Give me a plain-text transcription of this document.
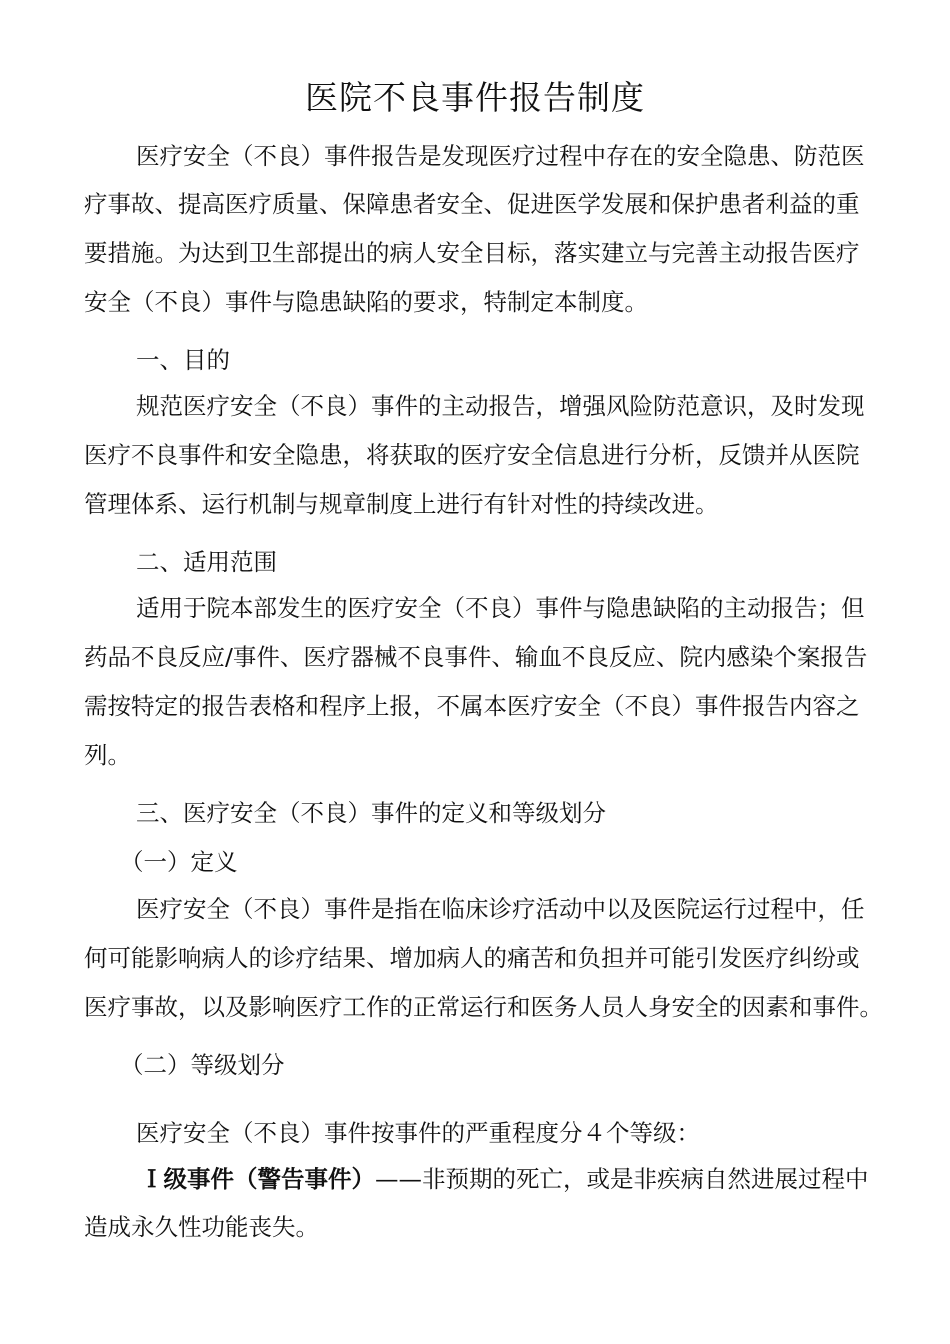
医院不良事件报告制度
医疗安全（不良）事件报告是发现医疗过程中存在的安全隐患、防范医
疗事故、提高医疗质量、保障患者安全、促进医学发展和保护患者利益的重
要措施。为达到卫生部提出的病人安全目标，落实建立与完善主动报告医疗
安全（不良）事件与隐患缺陷的要求，特制定本制度。
一、目的
规范医疗安全（不良）事件的主动报告，增强风险防范意识，及时发现
医疗不良事件和安全隐患，将获取的医疗安全信息进行分析，反馈并从医院
管理体系、运行机制与规章制度上进行有针对性的持续改进。
二、适用范围
适用于院本部发生的医疗安全（不良）事件与隐患缺陷的主动报告；但
药品不良反应/事件、医疗器械不良事件、输血不良反应、院内感染个案报告
需按特定的报告表格和程序上报，不属本医疗安全（不良）事件报告内容之
列。
三、医疗安全（不良）事件的定义和等级划分
（一）定义
医疗安全（不良）事件是指在临床诊疗活动中以及医院运行过程中，任
何可能影响病人的诊疗结果、增加病人的痛苦和负担并可能引发医疗纠纷或
医疗事故，以及影响医疗工作的正常运行和医务人员人身安全的因素和事件。
（二）等级划分
医疗安全（不良）事件按事件的严重程度分４个等级：
Ｉ级事件（警告事件）——非预期的死亡，或是非疾病自然进展过程中
造成永久性功能丧失。
